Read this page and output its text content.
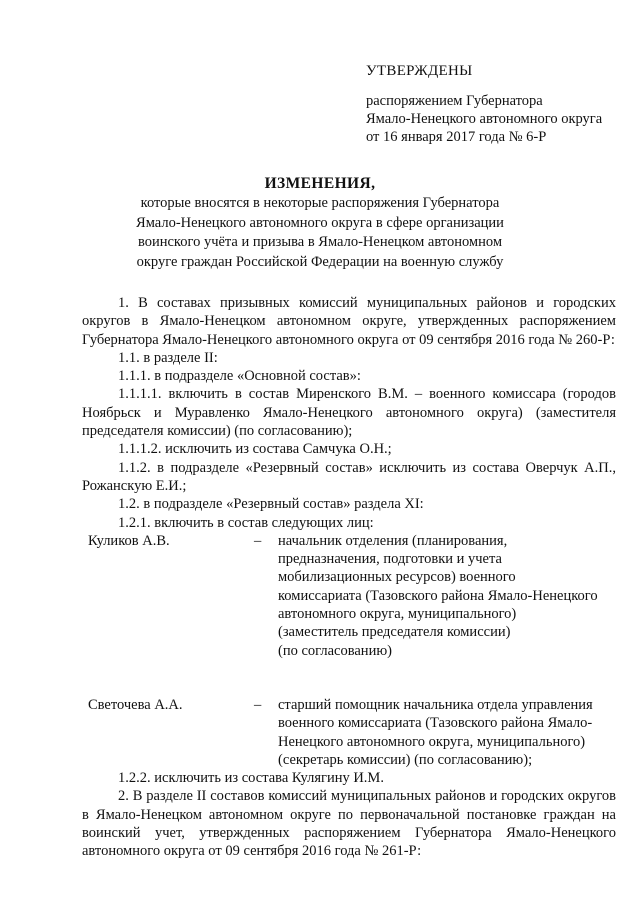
УТВЕРЖДЕНЫ
распоряжением Губернатора
Ямало-Ненецкого автономного округа
от 16 января 2017 года № 6-Р
ИЗМЕНЕНИЯ,
которые вносятся в некоторые распоряжения Губернатора
Ямало-Ненецкого автономного округа в сфере организации
воинского учёта и призыва в Ямало-Ненецком автономном
округе граждан Российской Федерации на военную службу

1. В составах призывных комиссий муниципальных районов и городских округов в Ямало-Ненецком автономном округе, утвержденных распоряжением Губернатора Ямало-Ненецкого автономного округа от 09 сентября 2016 года № 260-Р:

1.1. в разделе II:

1.1.1. в подразделе «Основной состав»:

1.1.1.1. включить в состав Миренского В.М. – военного комиссара (городов Ноябрьск и Муравленко Ямало-Ненецкого автономного округа) (заместителя председателя комиссии) (по согласованию);

1.1.1.2. исключить из состава Самчука О.Н.;

1.1.2. в подразделе «Резервный состав» исключить из состава Оверчук А.П., Рожанскую Е.И.;

1.2. в подразделе «Резервный состав» раздела XI:

1.2.1. включить в состав следующих лиц:

Куликов А.В.	–	начальник отделения (планирования,
предназначения, подготовки и учета
мобилизационных ресурсов) военного
комиссариата (Тазовского района Ямало-Ненецкого
автономного округа, муниципального)
(заместитель председателя комиссии)
(по согласованию)
Светочева А.А.	–	старший помощник начальника отдела управления
военного комиссариата (Тазовского района Ямало-
Ненецкого автономного округа, муниципального)
(секретарь комиссии) (по согласованию);

1.2.2. исключить из состава Кулягину И.М.

2. В разделе II составов комиссий муниципальных районов и городских округов в Ямало-Ненецком автономном округе по первоначальной постановке граждан на воинский учет, утвержденных распоряжением Губернатора Ямало-Ненецкого автономного округа от 09 сентября 2016 года № 261-Р:
